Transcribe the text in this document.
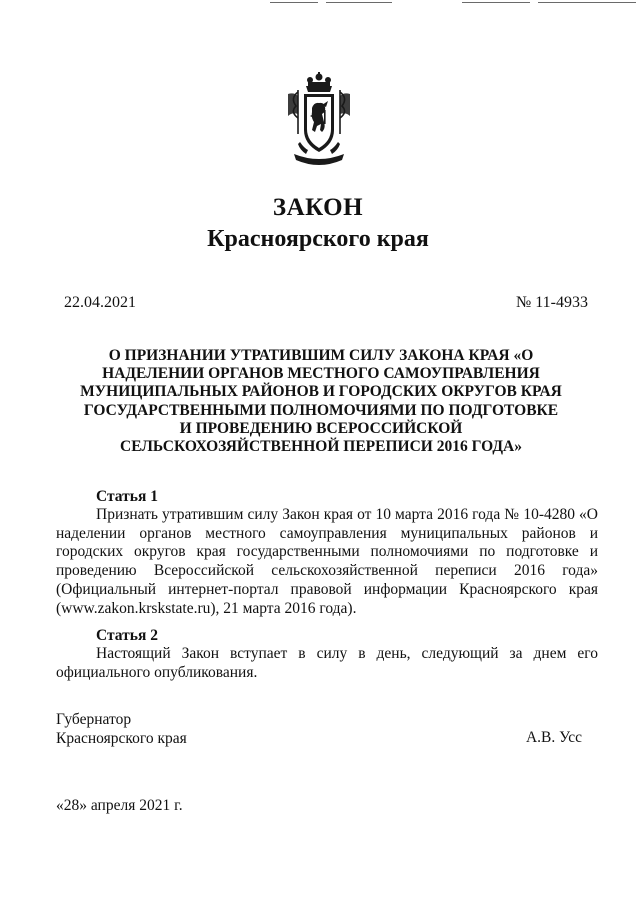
ЗАКОН
Красноярского края
22.04.2021	№ 11-4933

О ПРИЗНАНИИ УТРАТИВШИМ СИЛУ ЗАКОНА КРАЯ «О НАДЕЛЕНИИ ОРГАНОВ МЕСТНОГО САМОУПРАВЛЕНИЯ МУНИЦИПАЛЬНЫХ РАЙОНОВ И ГОРОДСКИХ ОКРУГОВ КРАЯ ГОСУДАРСТВЕННЫМИ ПОЛНОМОЧИЯМИ ПО ПОДГОТОВКЕ И ПРОВЕДЕНИЮ ВСЕРОССИЙСКОЙ СЕЛЬСКОХОЗЯЙСТВЕННОЙ ПЕРЕПИСИ 2016 ГОДА»

Статья 1

Признать утратившим силу Закон края от 10 марта 2016 года № 10-4280 «О наделении органов местного самоуправления муниципальных районов и городских округов края государственными полномочиями по подготовке и проведению Всероссийской сельскохозяйственной переписи 2016 года» (Официальный интернет-портал правовой информации Красноярского края (www.zakon.krskstate.ru), 21 марта 2016 года).

Статья 2

Настоящий Закон вступает в силу в день, следующий за днем его официального опубликования.

Губернатор
Красноярского края	А.В. Усс

«28» апреля 2021 г.
